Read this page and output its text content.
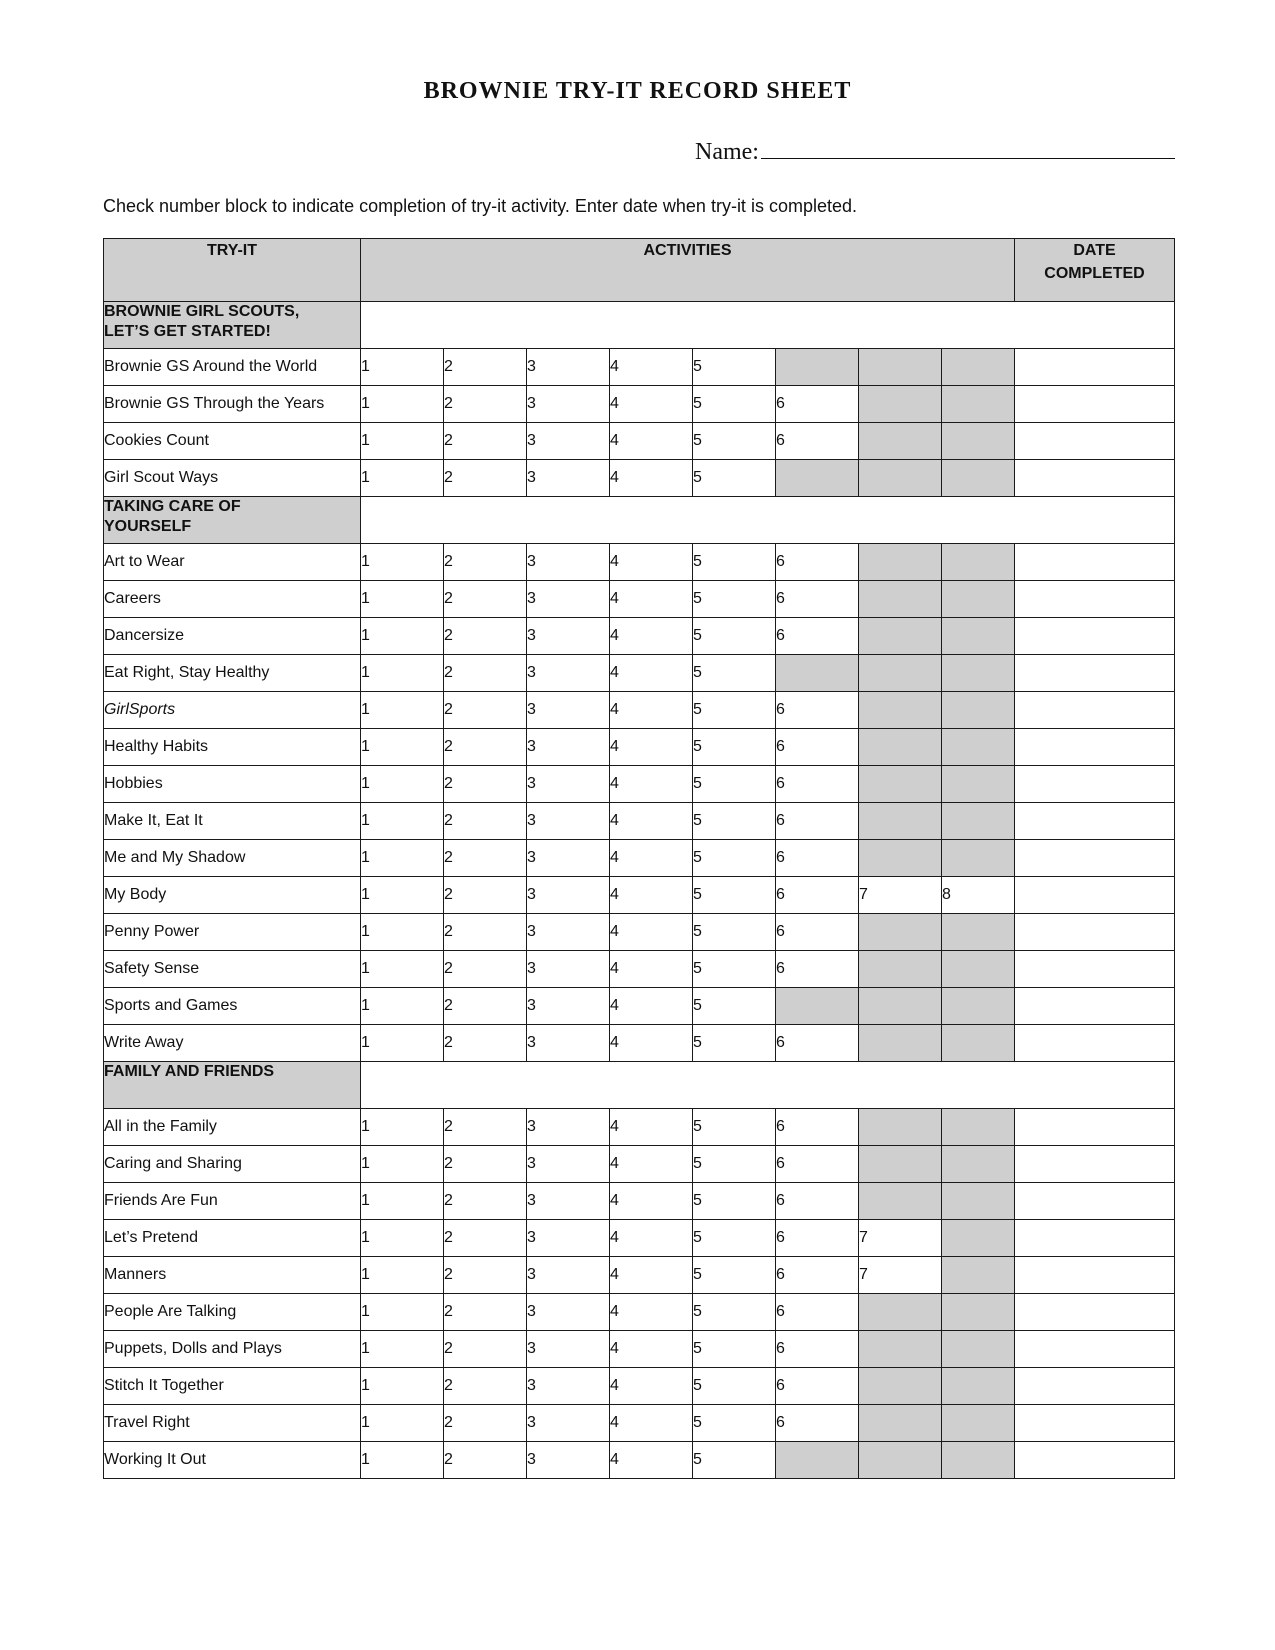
BROWNIE TRY-IT RECORD SHEET
Name:
Check number block to indicate completion of try-it activity. Enter date when try-it is completed.
TRY-IT	ACTIVITIES								DATE
COMPLETED
BROWNIE GIRL SCOUTS,
LET’S GET STARTED!									
Brownie GS Around the World	1	2	3	4	5				
Brownie GS Through the Years	1	2	3	4	5	6			
Cookies Count	1	2	3	4	5	6			
Girl Scout Ways	1	2	3	4	5				
TAKING CARE OF
YOURSELF									
Art to Wear	1	2	3	4	5	6			
Careers	1	2	3	4	5	6			
Dancersize	1	2	3	4	5	6			
Eat Right, Stay Healthy	1	2	3	4	5				
GirlSports	1	2	3	4	5	6			
Healthy Habits	1	2	3	4	5	6			
Hobbies	1	2	3	4	5	6			
Make It, Eat It	1	2	3	4	5	6			
Me and My Shadow	1	2	3	4	5	6			
My Body	1	2	3	4	5	6	7	8	
Penny Power	1	2	3	4	5	6			
Safety Sense	1	2	3	4	5	6			
Sports and Games	1	2	3	4	5				
Write Away	1	2	3	4	5	6			
FAMILY AND FRIENDS									
All in the Family	1	2	3	4	5	6			
Caring and Sharing	1	2	3	4	5	6			
Friends Are Fun	1	2	3	4	5	6			
Let’s Pretend	1	2	3	4	5	6	7		
Manners	1	2	3	4	5	6	7		
People Are Talking	1	2	3	4	5	6			
Puppets, Dolls and Plays	1	2	3	4	5	6			
Stitch It Together	1	2	3	4	5	6			
Travel Right	1	2	3	4	5	6			
Working It Out	1	2	3	4	5				
